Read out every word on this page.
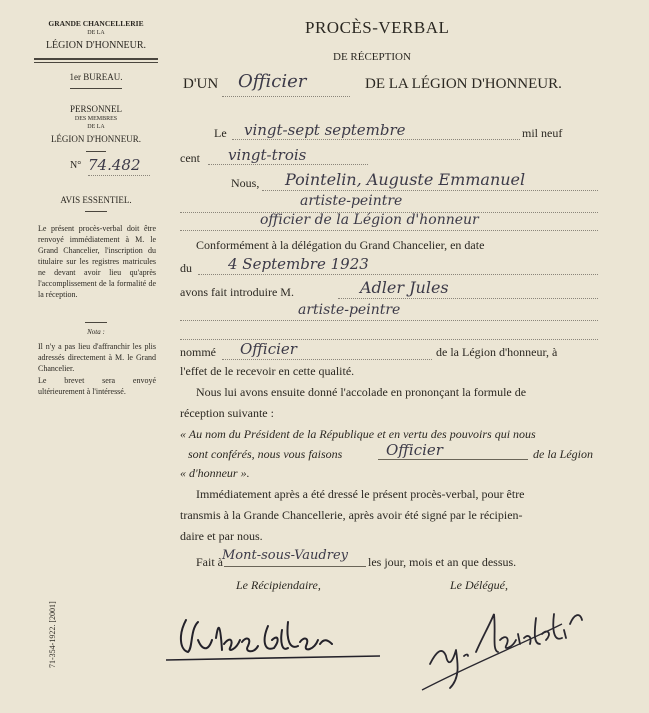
GRANDE CHANCELLERIE
DE LA
LÉGION D'HONNEUR.
1er BUREAU.
PERSONNEL
DES MEMBRES
DE LA
LÉGION D'HONNEUR.
N° 74.482
AVIS ESSENTIEL.
Le présent procès-verbal doit être renvoyé immédiatement à M. le Grand Chancelier, l'inscription du titulaire sur les registres matricules ne devant avoir lieu qu'après l'accomplissement de la formalité de la réception.
Nota :
Il n'y a pas lieu d'affranchir les plis adressés directement à M. le Grand Chancelier.
Le brevet sera envoyé ultérieurement à l'intéressé.
71-354-1922. [2001]
PROCÈS-VERBAL
DE RÉCEPTION
D'UN Officier	DE LA LÉGION D'HONNEUR.
Le vingt-sept septembre	mil neuf
cent vingt-trois
Nous, Pointelin, Auguste Emmanuel
artiste-peintre
officier de la Légion d'honneur
Conformément à la délégation du Grand Chancelier, en date
du 4 Septembre 1923
avons fait introduire M.	Adler Jules
artiste-peintre
nommé Officier	de la Légion d'honneur, à
l'effet de le recevoir en cette qualité.
Nous lui avons ensuite donné l'accolade en prononçant la formule de
réception suivante :
« Au nom du Président de la République et en vertu des pouvoirs qui nous
sont conférés, nous vous faisons	Officier	de la Légion
« d'honneur ».
Immédiatement après a été dressé le présent procès-verbal, pour être
transmis à la Grande Chancellerie, après avoir été signé par le récipien-
daire et par nous.
Fait à Mont-sous-Vaudrey les jour, mois et an que dessus.
Le Récipiendaire,	Le Délégué,
